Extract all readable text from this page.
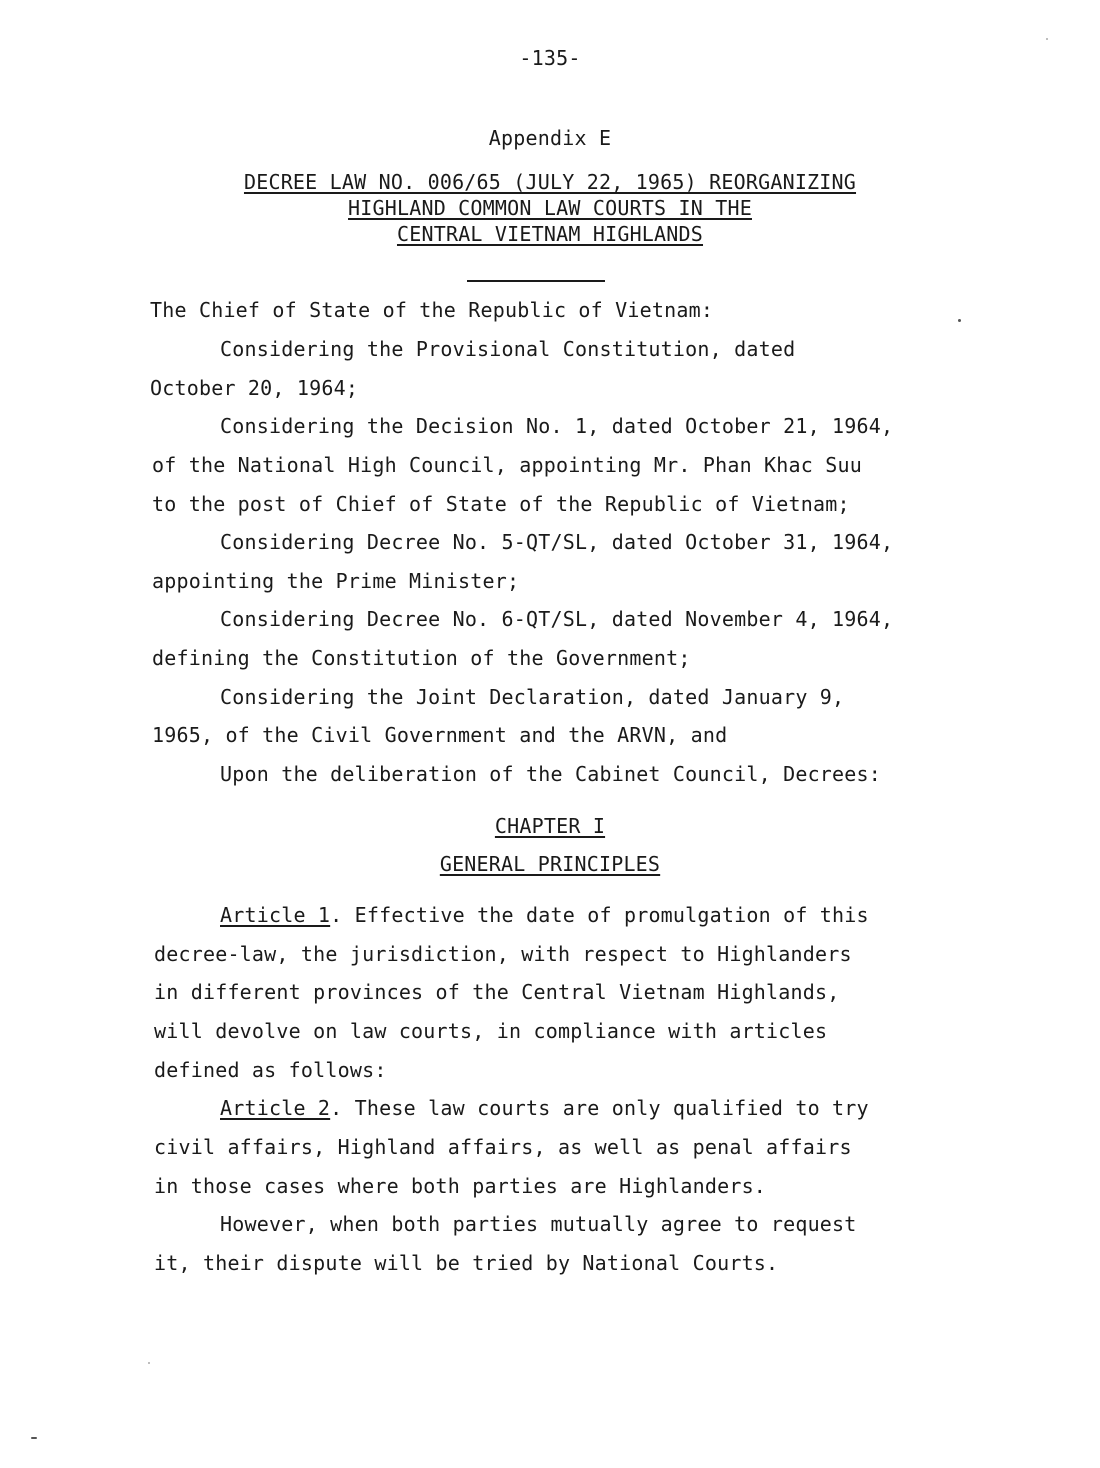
-135-
Appendix E
DECREE LAW NO. 006/65 (JULY 22, 1965) REORGANIZING
HIGHLAND COMMON LAW COURTS IN THE
CENTRAL VIETNAM HIGHLANDS
The Chief of State of the Republic of Vietnam:
Considering the Provisional Constitution, dated
October 20, 1964;
Considering the Decision No. 1, dated October 21, 1964,
of the National High Council, appointing Mr. Phan Khac Suu
to the post of Chief of State of the Republic of Vietnam;
Considering Decree No. 5-QT/SL, dated October 31, 1964,
appointing the Prime Minister;
Considering Decree No. 6-QT/SL, dated November 4, 1964,
defining the Constitution of the Government;
Considering the Joint Declaration, dated January 9,
1965, of the Civil Government and the ARVN, and
Upon the deliberation of the Cabinet Council, Decrees:
CHAPTER I
GENERAL PRINCIPLES
Article 1. Effective the date of promulgation of this
decree-law, the jurisdiction, with respect to Highlanders
in different provinces of the Central Vietnam Highlands,
will devolve on law courts, in compliance with articles
defined as follows:
Article 2. These law courts are only qualified to try
civil affairs, Highland affairs, as well as penal affairs
in those cases where both parties are Highlanders.
However, when both parties mutually agree to request
it, their dispute will be tried by National Courts.
